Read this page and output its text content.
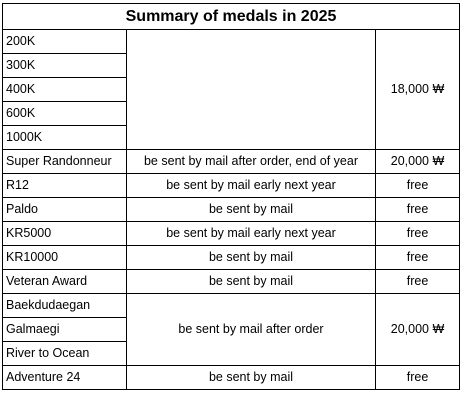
Summary of medals in 2025		
200K		18,000 ₩
300K		
400K		
600K		
1000K		
Super Randonneur	be sent by mail after order, end of year	20,000 ₩
R12	be sent by mail early next year	free
Paldo	be sent by mail	free
KR5000	be sent by mail early next year	free
KR10000	be sent by mail	free
Veteran Award	be sent by mail	free
Baekdudaegan	be sent by mail after order	20,000 ₩
Galmaegi		
River to Ocean		
Adventure 24	be sent by mail	free
